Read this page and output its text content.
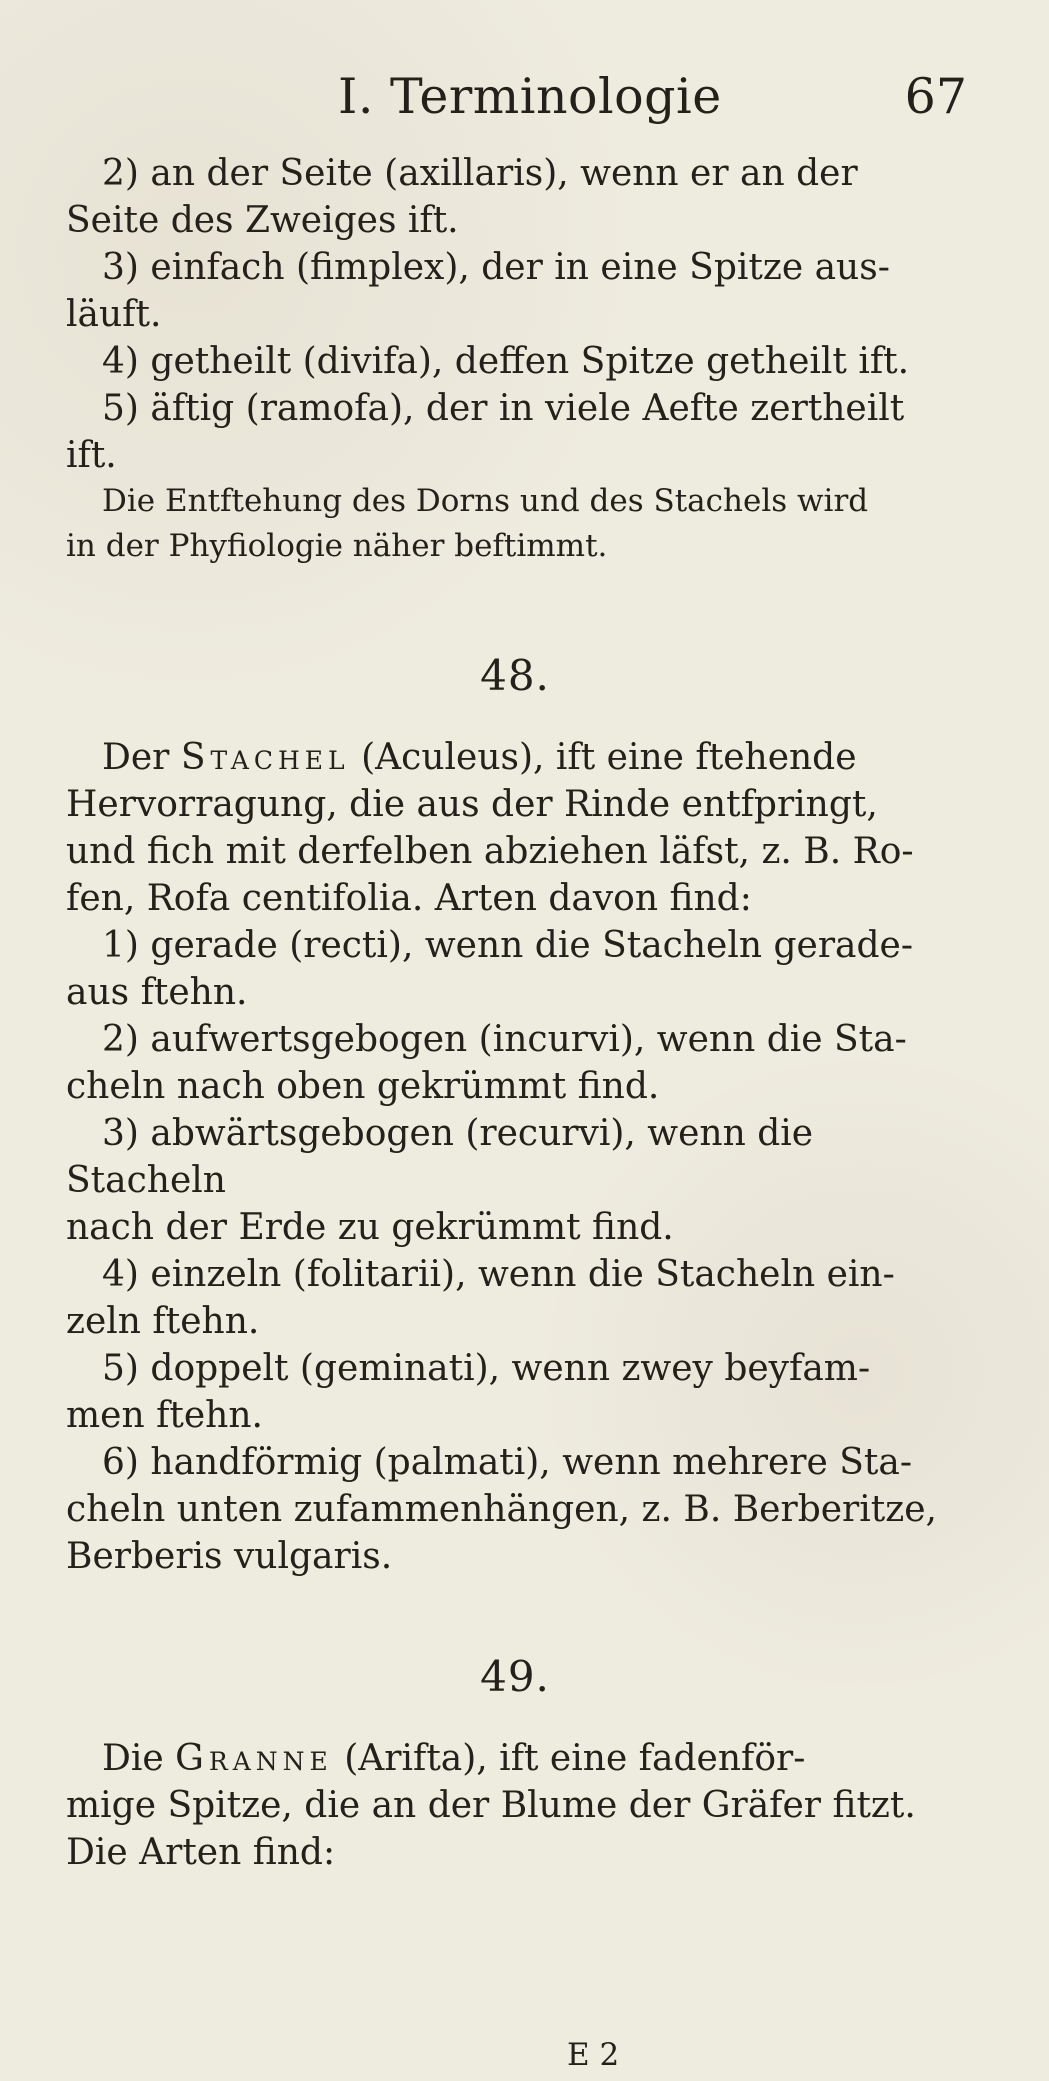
I. Terminologie	67

2) an der Seite (axillaris), wenn er an der

Seite des Zweiges ift.

3) einfach (fimplex), der in eine Spitze aus-

läuft.

4) getheilt (divifa), deffen Spitze getheilt ift.

5) äftig (ramofa), der in viele Aefte zertheilt

ift.

Die Entftehung des Dorns und des Stachels wird

in der Phyfiologie näher beftimmt.

48.

Der Stachel (Aculeus), ift eine ftehende

Hervorragung, die aus der Rinde entfpringt,

und fich mit derfelben abziehen läfst, z. B. Ro-

fen, Rofa centifolia. Arten davon find:

1) gerade (recti), wenn die Stacheln gerade-

aus ftehn.

2) aufwertsgebogen (incurvi), wenn die Sta-

cheln nach oben gekrümmt find.

3) abwärtsgebogen (recurvi), wenn die Stacheln

nach der Erde zu gekrümmt find.

4) einzeln (folitarii), wenn die Stacheln ein-

zeln ftehn.

5) doppelt (geminati), wenn zwey beyfam-

men ftehn.

6) handförmig (palmati), wenn mehrere Sta-

cheln unten zufammenhängen, z. B. Berberitze,

Berberis vulgaris.

49.

Die Granne (Arifta), ift eine fadenför-

mige Spitze, die an der Blume der Gräfer fitzt.

Die Arten find:

E 2
